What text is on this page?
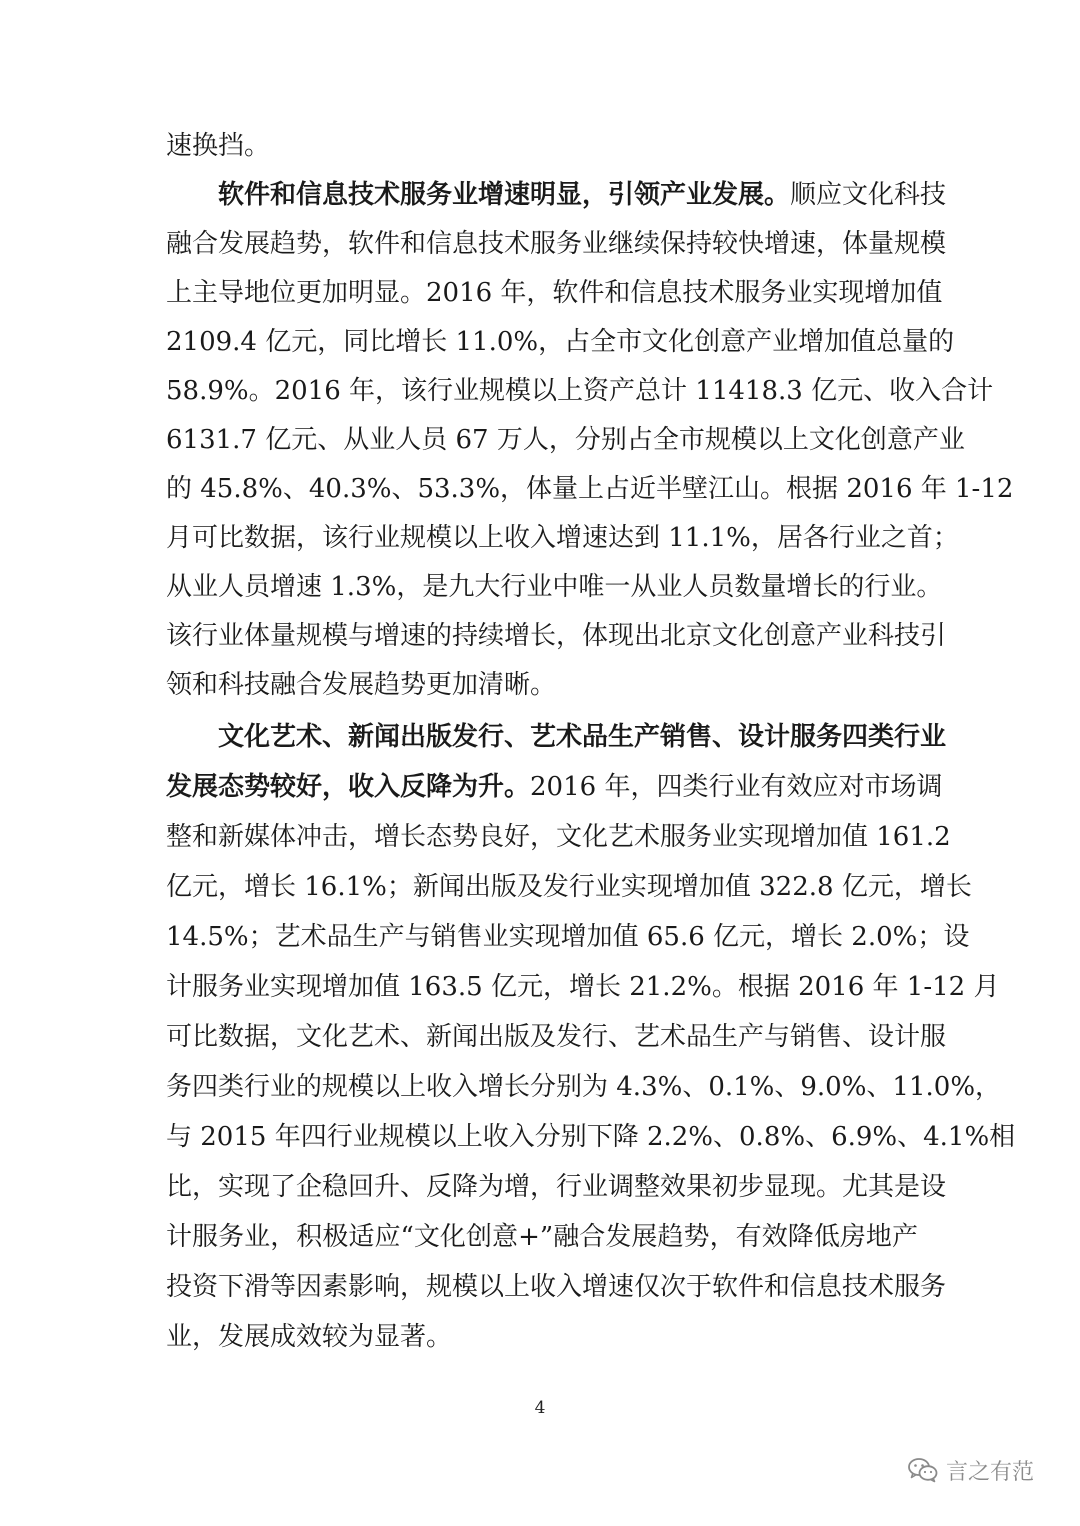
速换挡。
软件和信息技术服务业增速明显，引领产业发展。顺应文化科技
融合发展趋势，软件和信息技术服务业继续保持较快增速，体量规模
上主导地位更加明显。2016 年，软件和信息技术服务业实现增加值
2109.4 亿元，同比增长 11.0%，占全市文化创意产业增加值总量的
58.9%。2016 年，该行业规模以上资产总计 11418.3 亿元、收入合计
6131.7 亿元、从业人员 67 万人，分别占全市规模以上文化创意产业
的 45.8%、40.3%、53.3%，体量上占近半壁江山。根据 2016 年 1-12
月可比数据，该行业规模以上收入增速达到 11.1%，居各行业之首；
从业人员增速 1.3%，是九大行业中唯一从业人员数量增长的行业。
该行业体量规模与增速的持续增长，体现出北京文化创意产业科技引
领和科技融合发展趋势更加清晰。
文化艺术、新闻出版发行、艺术品生产销售、设计服务四类行业
发展态势较好，收入反降为升。2016 年，四类行业有效应对市场调
整和新媒体冲击，增长态势良好，文化艺术服务业实现增加值 161.2
亿元，增长 16.1%；新闻出版及发行业实现增加值 322.8 亿元，增长
14.5%；艺术品生产与销售业实现增加值 65.6 亿元，增长 2.0%；设
计服务业实现增加值 163.5 亿元，增长 21.2%。根据 2016 年 1-12 月
可比数据，文化艺术、新闻出版及发行、艺术品生产与销售、设计服
务四类行业的规模以上收入增长分别为 4.3%、0.1%、9.0%、11.0%，
与 2015 年四行业规模以上收入分别下降 2.2%、0.8%、6.9%、4.1%相
比，实现了企稳回升、反降为增，行业调整效果初步显现。尤其是设
计服务业，积极适应“文化创意+”融合发展趋势，有效降低房地产
投资下滑等因素影响，规模以上收入增速仅次于软件和信息技术服务
业，发展成效较为显著。
4
言之有范
